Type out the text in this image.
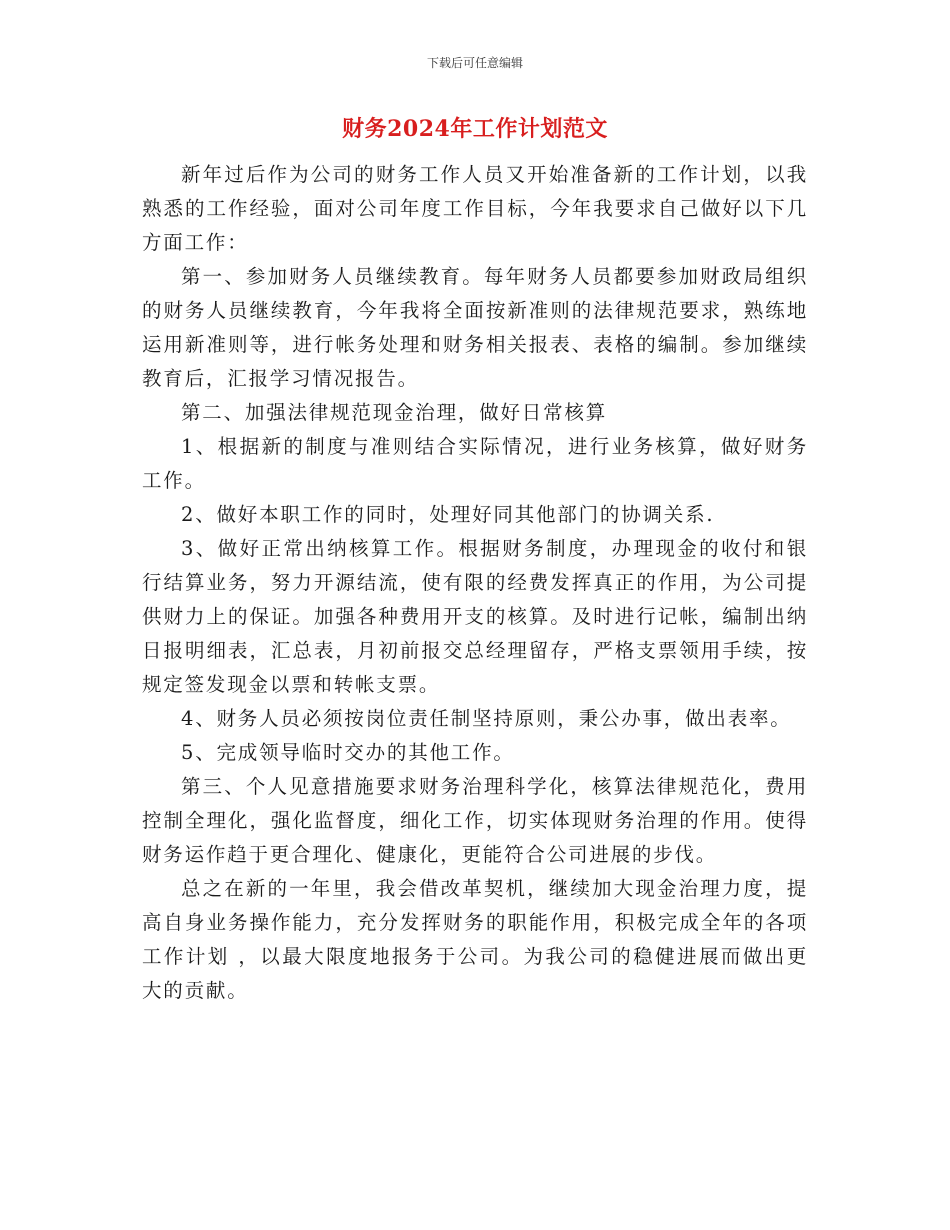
下载后可任意编辑
财务2024年工作计划范文

新年过后作为公司的财务工作人员又开始准备新的工作计划，以我熟悉的工作经验，面对公司年度工作目标，今年我要求自己做好以下几方面工作：

第一、参加财务人员继续教育。每年财务人员都要参加财政局组织的财务人员继续教育，今年我将全面按新准则的法律规范要求，熟练地运用新准则等，进行帐务处理和财务相关报表、表格的编制。参加继续教育后，汇报学习情况报告。

第二、加强法律规范现金治理，做好日常核算

1、根据新的制度与准则结合实际情况，进行业务核算，做好财务工作。

2、做好本职工作的同时，处理好同其他部门的协调关系.

3、做好正常出纳核算工作。根据财务制度，办理现金的收付和银行结算业务，努力开源结流，使有限的经费发挥真正的作用，为公司提供财力上的保证。加强各种费用开支的核算。及时进行记帐，编制出纳日报明细表，汇总表，月初前报交总经理留存，严格支票领用手续，按规定签发现金以票和转帐支票。

4、财务人员必须按岗位责任制坚持原则，秉公办事，做出表率。

5、完成领导临时交办的其他工作。

第三、个人见意措施要求财务治理科学化，核算法律规范化，费用控制全理化，强化监督度，细化工作，切实体现财务治理的作用。使得财务运作趋于更合理化、健康化，更能符合公司进展的步伐。

总之在新的一年里，我会借改革契机，继续加大现金治理力度，提高自身业务操作能力，充分发挥财务的职能作用，积极完成全年的各项 工作计划 ，以最大限度地报务于公司。为我公司的稳健进展而做出更大的贡献。
